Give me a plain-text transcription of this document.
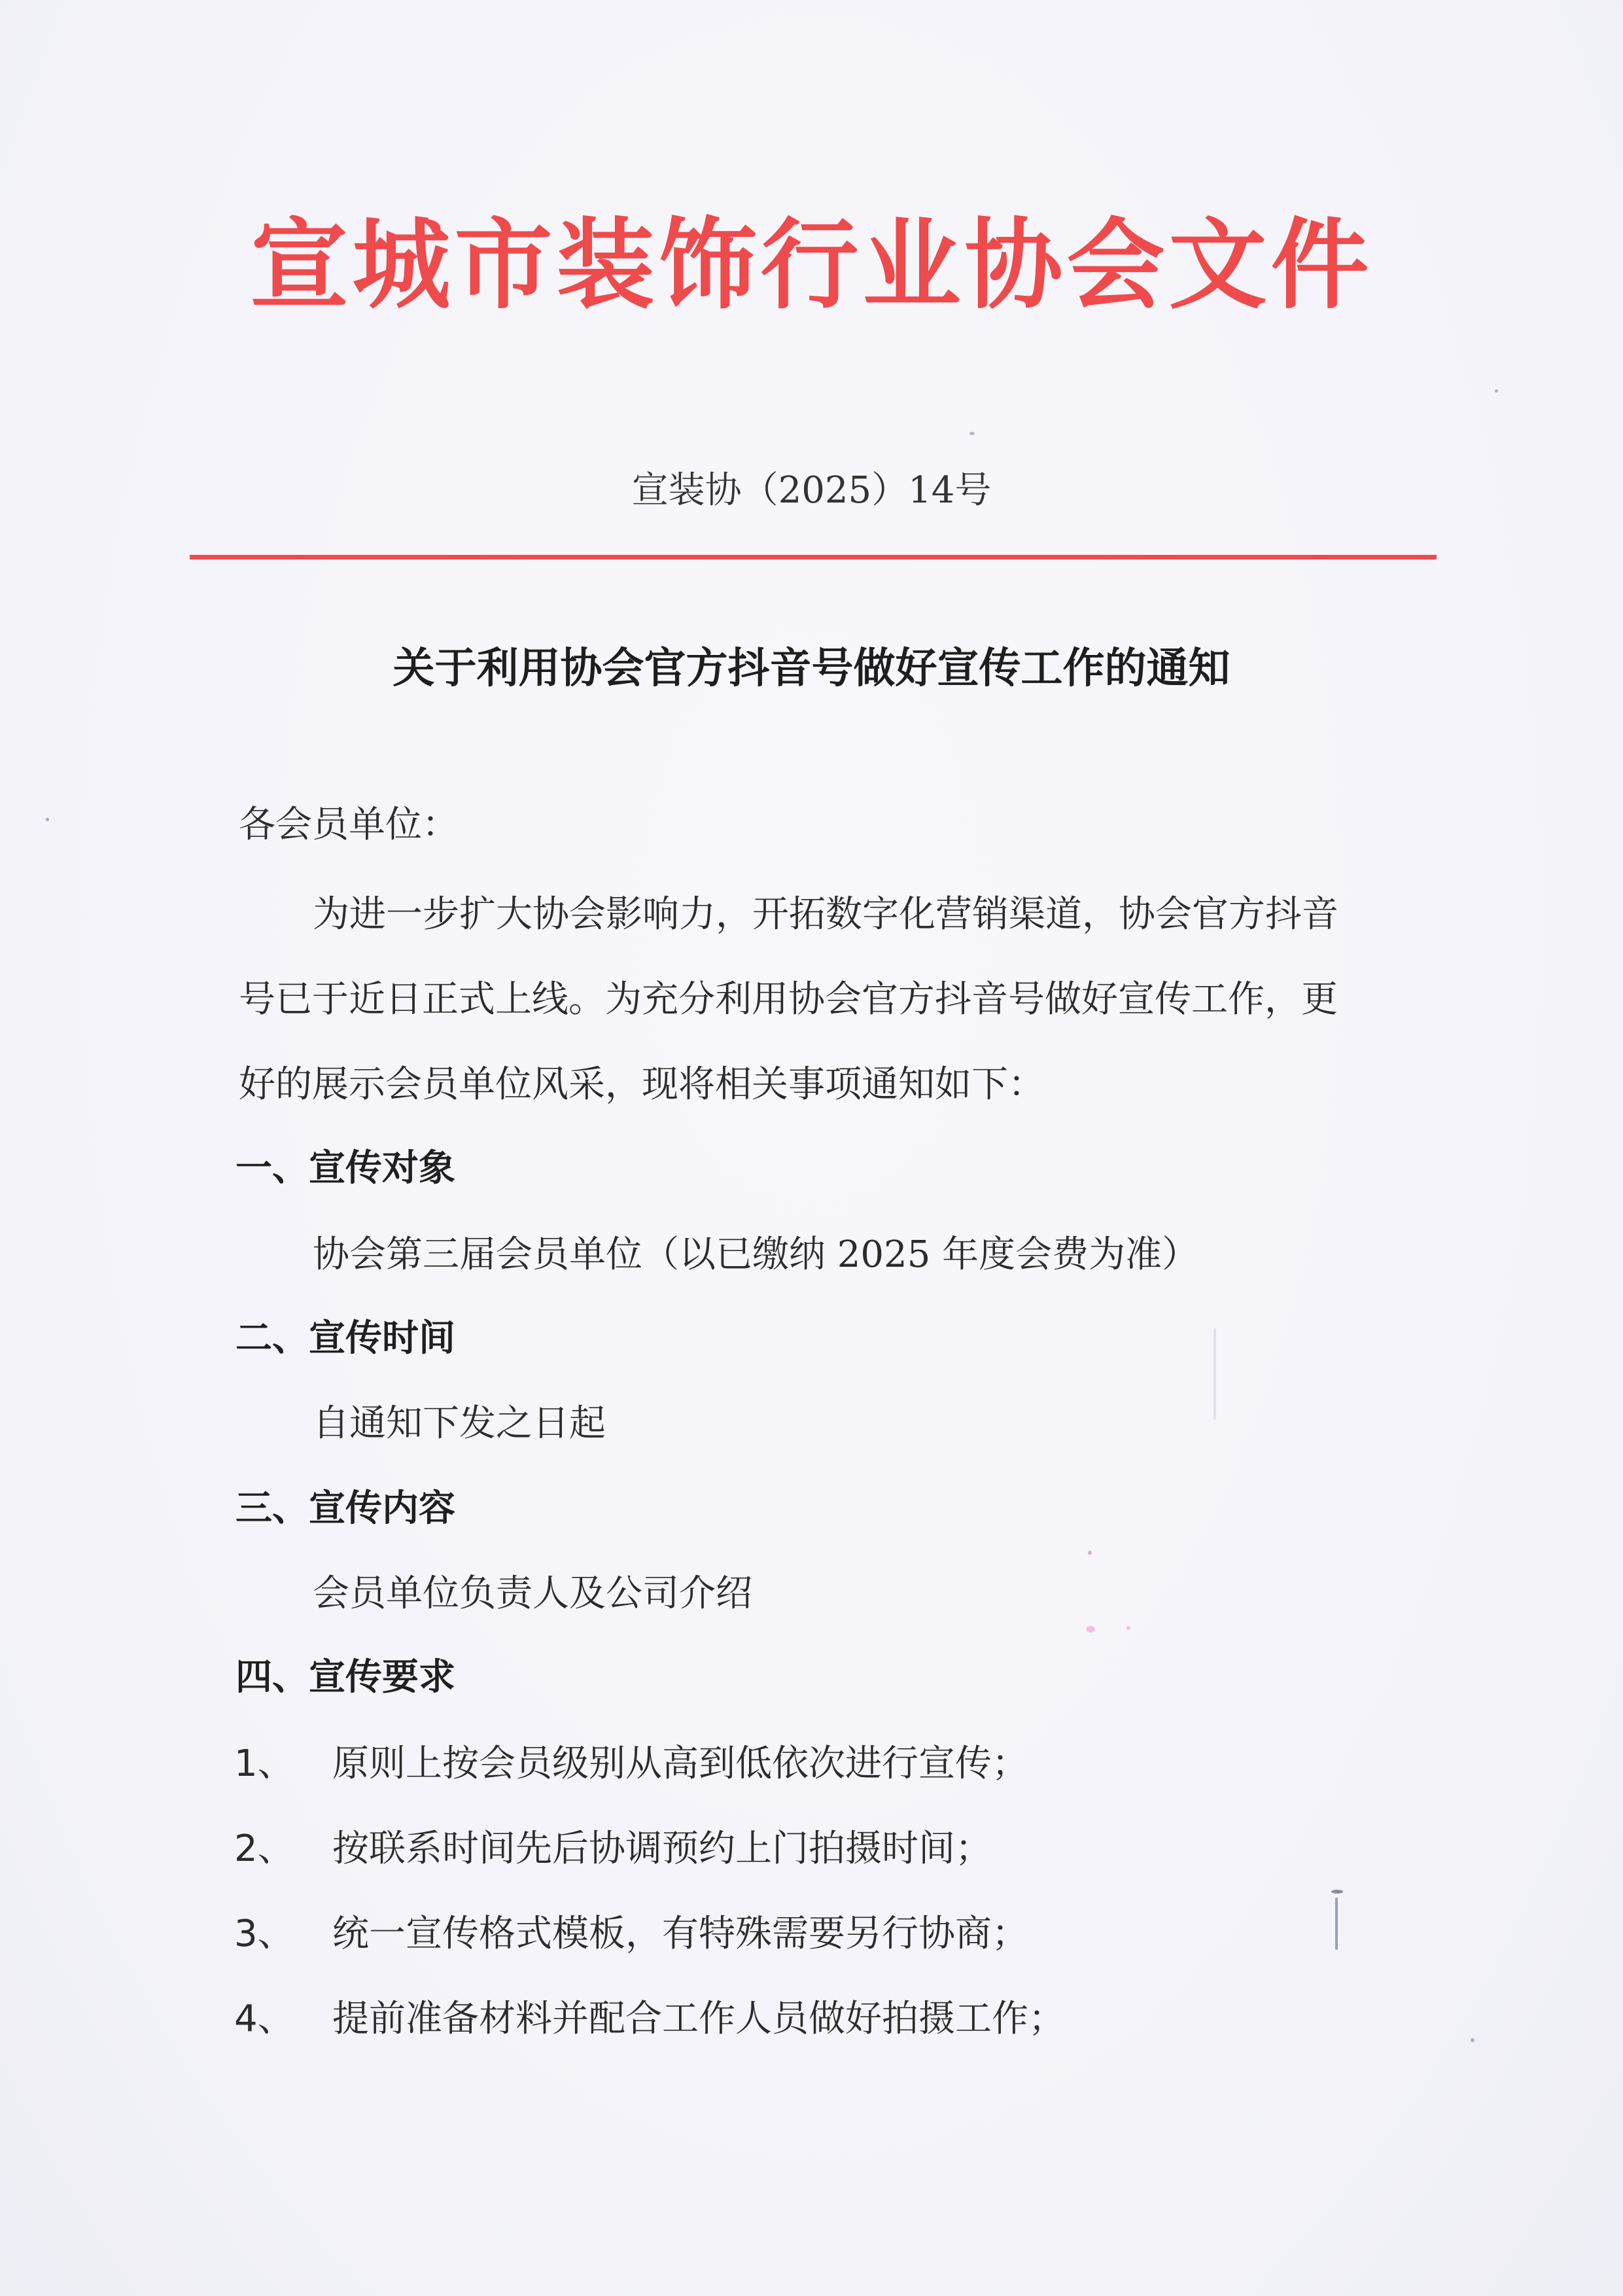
宣城市装饰行业协会文件
宣装协（2025）14号
关于利用协会官方抖音号做好宣传工作的通知
各会员单位：
为进一步扩大协会影响力，开拓数字化营销渠道，协会官方抖音
号已于近日正式上线。为充分利用协会官方抖音号做好宣传工作，更
好的展示会员单位风采，现将相关事项通知如下：
一、宣传对象
协会第三届会员单位（以已缴纳 2025 年度会费为准）
二、宣传时间
自通知下发之日起
三、宣传内容
会员单位负责人及公司介绍
四、宣传要求
1、 原则上按会员级别从高到低依次进行宣传；
2、 按联系时间先后协调预约上门拍摄时间；
3、 统一宣传格式模板，有特殊需要另行协商；
4、 提前准备材料并配合工作人员做好拍摄工作；
